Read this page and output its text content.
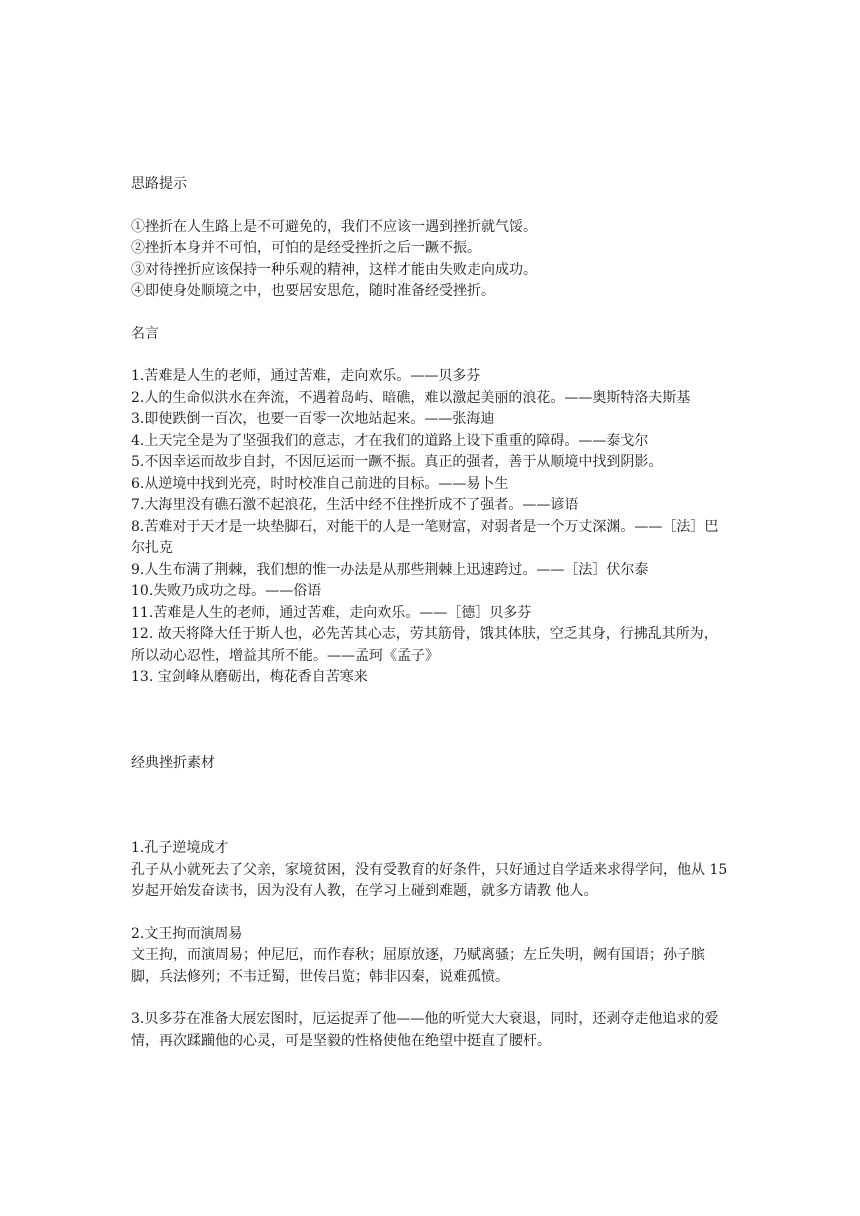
思路提示

①挫折在人生路上是不可避免的，我们不应该一遇到挫折就气馁。

②挫折本身并不可怕，可怕的是经受挫折之后一蹶不振。

③对待挫折应该保持一种乐观的精神，这样才能由失败走向成功。

④即使身处顺境之中，也要居安思危，随时准备经受挫折。

名言

1.苦难是人生的老师，通过苦难，走向欢乐。——贝多芬

2.人的生命似洪水在奔流，不遇着岛屿、暗礁，难以激起美丽的浪花。——奥斯特洛夫斯基

3.即使跌倒一百次，也要一百零一次地站起来。——张海迪

4.上天完全是为了坚强我们的意志，才在我们的道路上设下重重的障碍。——泰戈尔

5.不因幸运而故步自封，不因厄运而一蹶不振。真正的强者，善于从顺境中找到阴影。

6.从逆境中找到光亮，时时校准自己前进的目标。——易卜生

7.大海里没有礁石激不起浪花，生活中经不住挫折成不了强者。——谚语

8.苦难对于天才是一块垫脚石，对能干的人是一笔财富，对弱者是一个万丈深渊。——［法］巴尔扎克

9.人生布满了荆棘，我们想的惟一办法是从那些荆棘上迅速跨过。——［法］伏尔泰

10.失败乃成功之母。——俗语

11.苦难是人生的老师，通过苦难，走向欢乐。——［德］贝多芬

12. 故天将降大任于斯人也，必先苦其心志，劳其筋骨，饿其体肤，空乏其身，行拂乱其所为，所以动心忍性，增益其所不能。——孟珂《孟子》

13. 宝剑峰从磨砺出，梅花香自苦寒来

经典挫折素材

1.孔子逆境成才

孔子从小就死去了父亲，家境贫困，没有受教育的好条件，只好通过自学适来求得学问，他从 15 岁起开始发奋读书，因为没有人教，在学习上碰到难题，就多方请教 他人。

2.文王拘而演周易

文王拘，而演周易；仲尼厄，而作春秋；屈原放逐，乃赋离骚；左丘失明，阙有国语；孙子膑脚，兵法修列；不韦迁蜀，世传吕览；韩非囚秦，说难孤愤。

3.贝多芬在准备大展宏图时，厄运捉弄了他——他的听觉大大衰退，同时，还剥夺走他追求的爱情，再次蹂躏他的心灵，可是坚毅的性格使他在绝望中挺直了腰杆。
